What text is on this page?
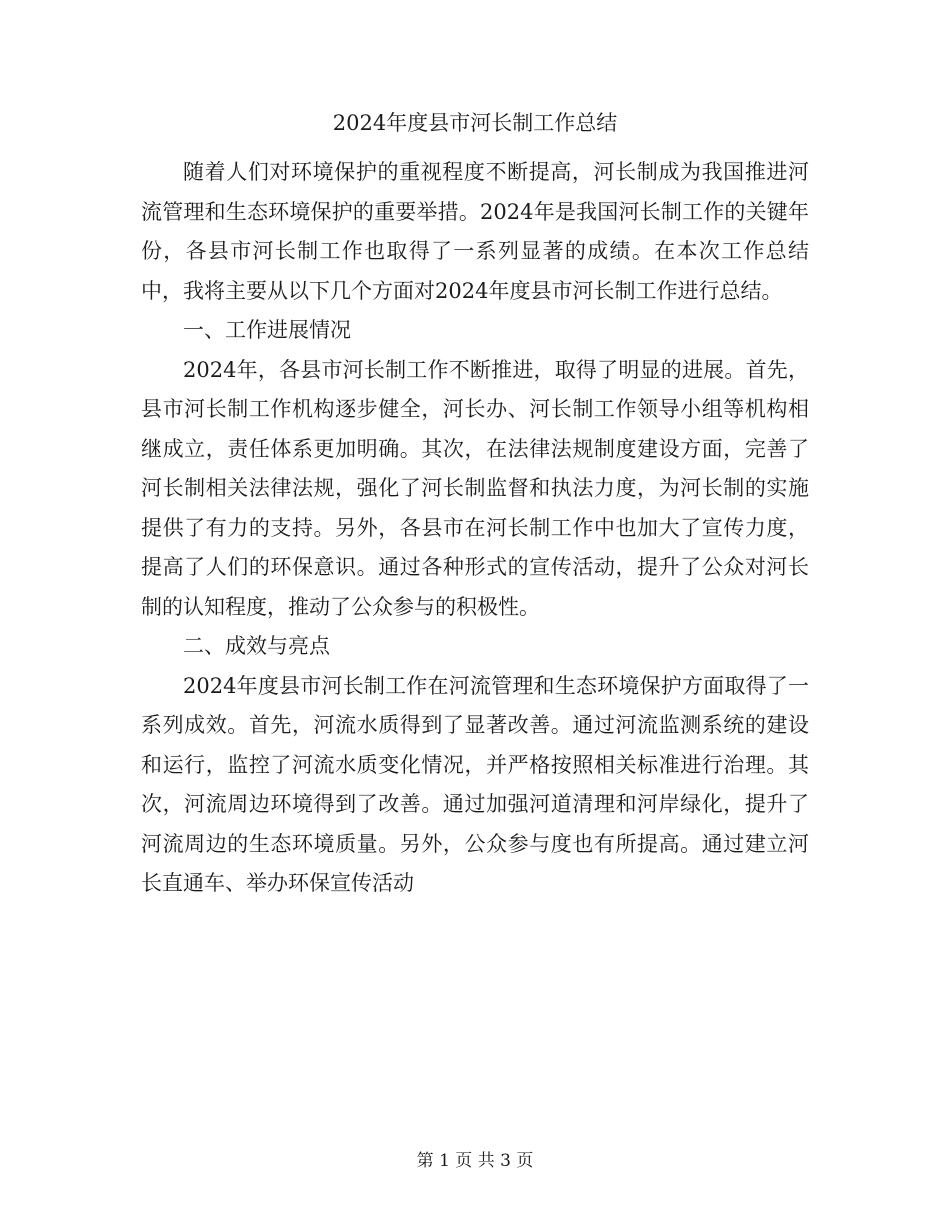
2024年度县市河长制工作总结

随着人们对环境保护的重视程度不断提高，河长制成为我国推进河流管理和生态环境保护的重要举措。2024年是我国河长制工作的关键年份，各县市河长制工作也取得了一系列显著的成绩。在本次工作总结中，我将主要从以下几个方面对2024年度县市河长制工作进行总结。

一、工作进展情况

2024年，各县市河长制工作不断推进，取得了明显的进展。首先，县市河长制工作机构逐步健全，河长办、河长制工作领导小组等机构相继成立，责任体系更加明确。其次，在法律法规制度建设方面，完善了河长制相关法律法规，强化了河长制监督和执法力度，为河长制的实施提供了有力的支持。另外，各县市在河长制工作中也加大了宣传力度，提高了人们的环保意识。通过各种形式的宣传活动，提升了公众对河长制的认知程度，推动了公众参与的积极性。

二、成效与亮点

2024年度县市河长制工作在河流管理和生态环境保护方面取得了一系列成效。首先，河流水质得到了显著改善。通过河流监测系统的建设和运行，监控了河流水质变化情况，并严格按照相关标准进行治理。其次，河流周边环境得到了改善。通过加强河道清理和河岸绿化，提升了河流周边的生态环境质量。另外，公众参与度也有所提高。通过建立河长直通车、举办环保宣传活动

第 1 页 共 3 页
